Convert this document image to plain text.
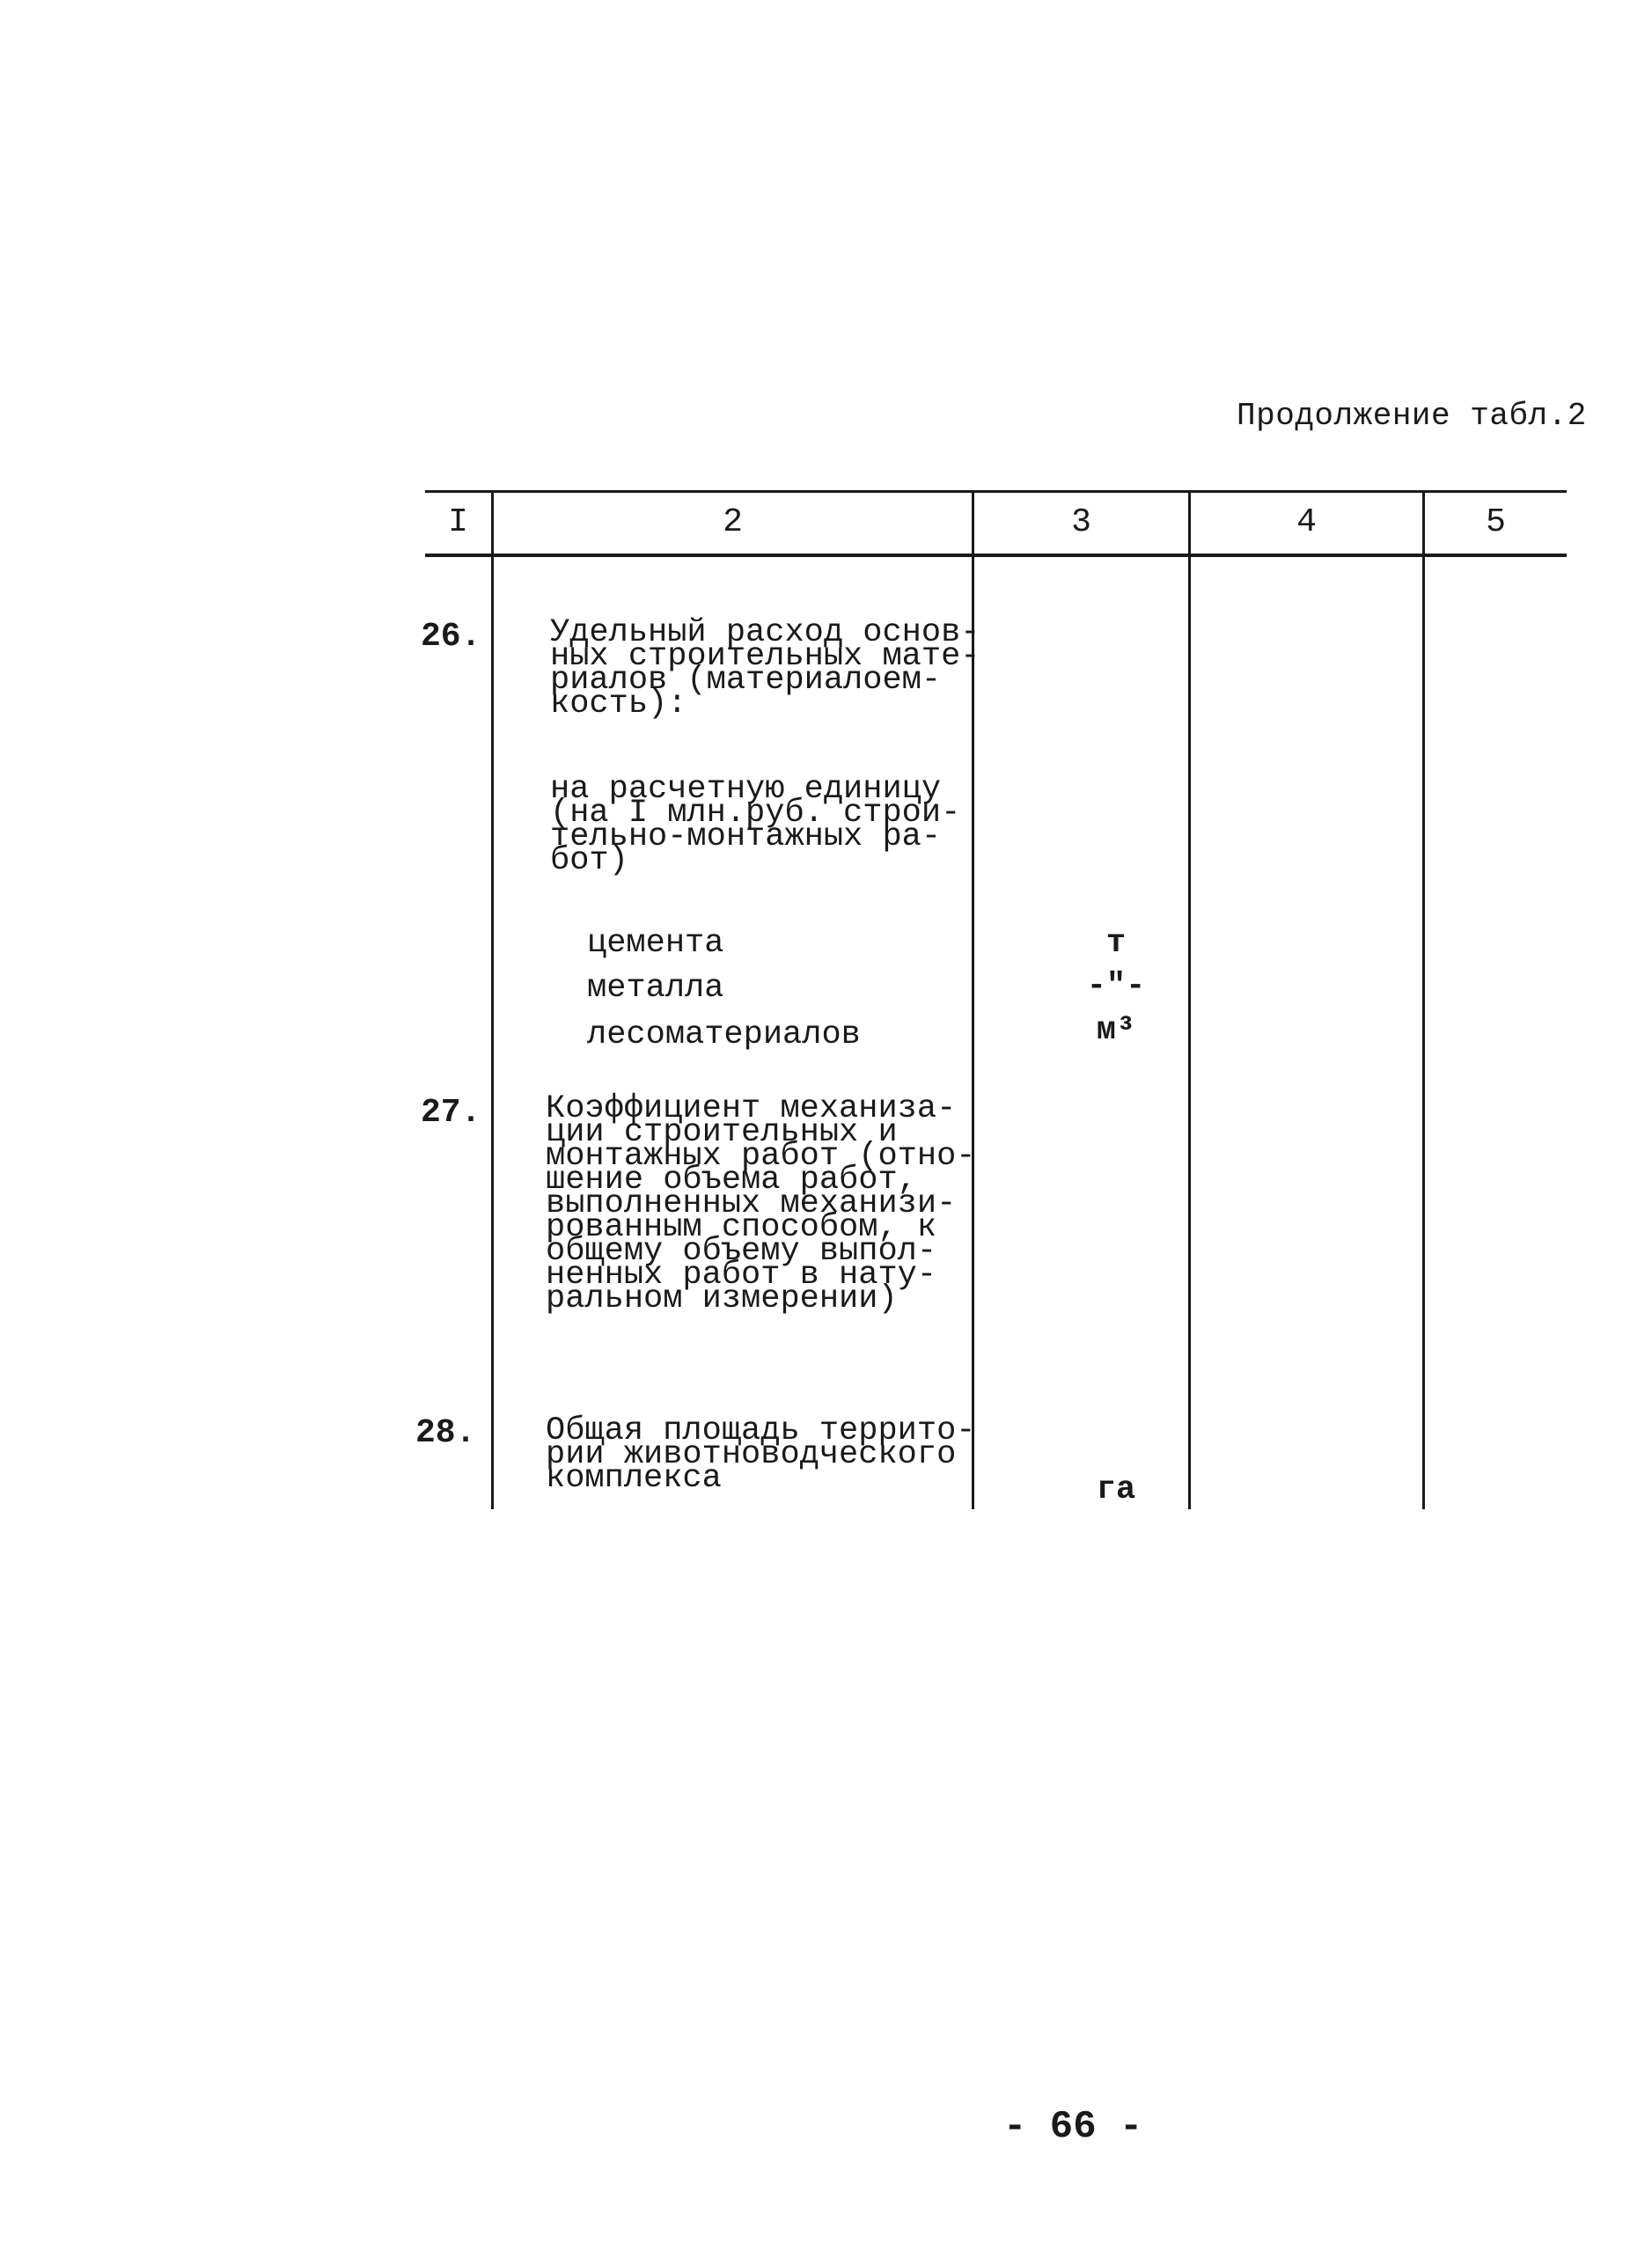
Продолжение табл.2
I	2	3	4	5
26. Удельный расход основ-
ных строительных мате-
риалов (материалоем-
кость):
на расчетную единицу
(на I млн.руб. строи-
тельно-монтажных ра-
бот)
цемента	т
металла	-"-
лесоматериалов	м³
27. Коэффициент механиза-
ции строительных и
монтажных работ (отно-
шение объема работ,
выполненных механизи-
рованным способом, к
общему объему выпол-
ненных работ в нату-
ральном измерении)
28. Общая площадь террито-
рии животноводческого
комплекса	га
- 66 -
